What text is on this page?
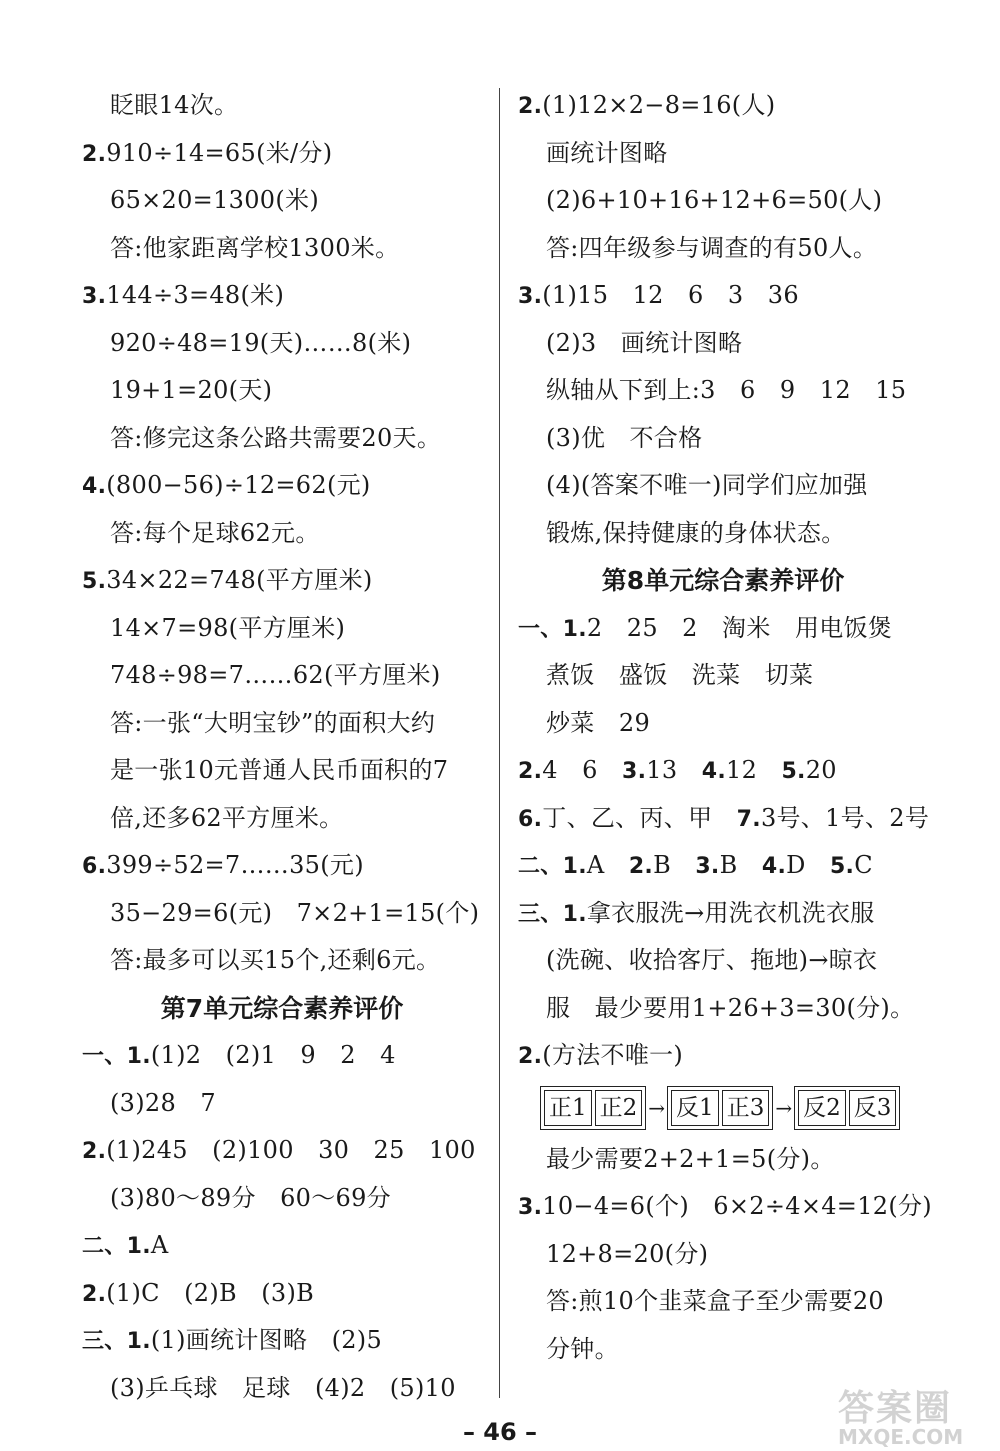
眨眼14次。
2.910÷14=65(米/分)
65×20=1300(米)
答:他家距离学校1300米。
3.144÷3=48(米)
920÷48=19(天)……8(米)
19+1=20(天)
答:修完这条公路共需要20天。
4.(800−56)÷12=62(元)
答:每个足球62元。
5.34×22=748(平方厘米)
14×7=98(平方厘米)
748÷98=7……62(平方厘米)
答:一张“大明宝钞”的面积大约
是一张10元普通人民币面积的7
倍,还多62平方厘米。
6.399÷52=7……35(元)
35−29=6(元)　7×2+1=15(个)
答:最多可以买15个,还剩6元。
第7单元综合素养评价
一、1.(1)2　(2)1　9　2　4
(3)28　7
2.(1)245　(2)100　30　25　100
(3)80～89分　60～69分
二、1.A
2.(1)C　(2)B　(3)B
三、1.(1)画统计图略　(2)5
(3)乒乓球　足球　(4)2　(5)10
2.(1)12×2−8=16(人)
画统计图略
(2)6+10+16+12+6=50(人)
答:四年级参与调查的有50人。
3.(1)15　12　6　3　36
(2)3　画统计图略
纵轴从下到上:3　6　9　12　15
(3)优　不合格
(4)(答案不唯一)同学们应加强
锻炼,保持健康的身体状态。
第8单元综合素养评价
一、1.2　25　2　淘米　用电饭煲
煮饭　盛饭　洗菜　切菜
炒菜　29
2.4　6　3.13　4.12　5.20
6.丁、乙、丙、甲　7.3号、1号、2号
二、1.A　2.B　3.B　4.D　5.C
三、1.拿衣服洗→用洗衣机洗衣服
(洗碗、收拾客厅、拖地)→晾衣
服　最少要用1+26+3=30(分)。
2.(方法不唯一)
正1 正2 → 反1 正3 → 反2 反3
最少需要2+2+1=5(分)。
3.10−4=6(个)　6×2÷4×4=12(分)
12+8=20(分)
答:煎10个韭菜盒子至少需要20
分钟。
– 46 –
答案圈
MXQE.COM
